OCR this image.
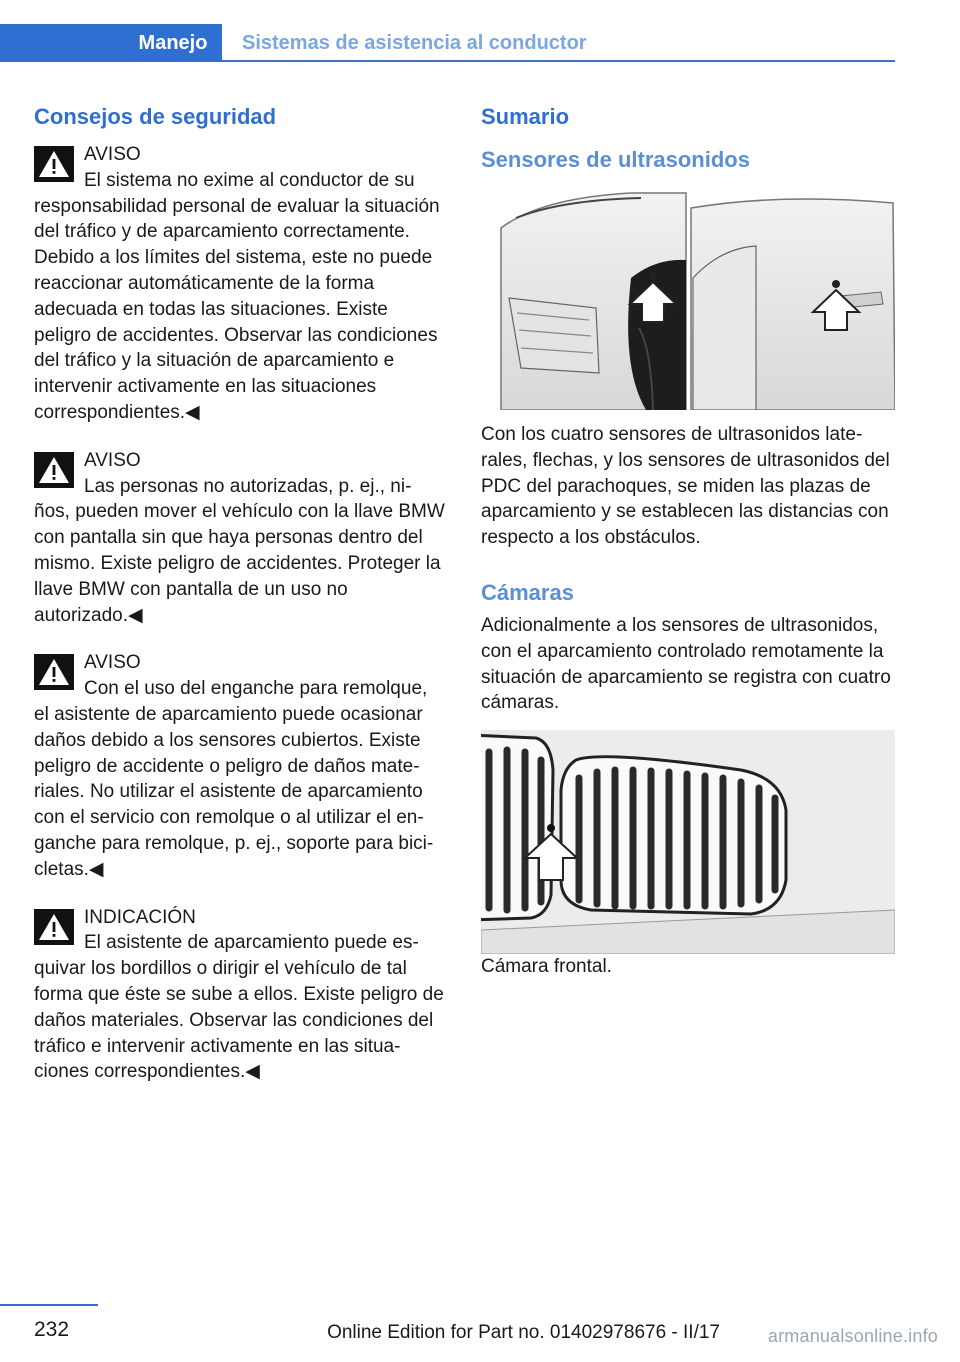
Manejo	Sistemas de asistencia al conductor
Consejos de seguridad
AVISO
El sistema no exime al conductor de su
responsabilidad personal de evaluar la situación del tráfico y de aparcamiento correctamente. Debido a los límites del sistema, este no puede reaccionar automáticamente de la forma adecuada en todas las situaciones. Existe peligro de accidentes. Observar las condiciones del tráfico y la situación de aparcamiento e intervenir activamente en las situaciones correspondientes.◀
AVISO
Las personas no autorizadas, p. ej., ni-
ños, pueden mover el vehículo con la llave BMW con pantalla sin que haya personas dentro del mismo. Existe peligro de accidentes. Proteger la llave BMW con pantalla de un uso no autorizado.◀
AVISO
Con el uso del enganche para remolque,
el asistente de aparcamiento puede ocasionar daños debido a los sensores cubiertos. Existe peligro de accidente o peligro de daños materiales. No utilizar el asistente de aparcamiento con el servicio con remolque o al utilizar el enganche para remolque, p. ej., soporte para bicicletas.◀
INDICACIÓN
El asistente de aparcamiento puede es-
quivar los bordillos o dirigir el vehículo de tal forma que éste se sube a ellos. Existe peligro de daños materiales. Observar las condiciones del tráfico e intervenir activamente en las situaciones correspondientes.◀
Sumario
Sensores de ultrasonidos

Con los cuatro sensores de ultrasonidos laterales, flechas, y los sensores de ultrasonidos del PDC del parachoques, se miden las plazas de aparcamiento y se establecen las distancias con respecto a los obstáculos.

Cámaras

Adicionalmente a los sensores de ultrasonidos, con el aparcamiento controlado remotamente la situación de aparcamiento se registra con cuatro cámaras.

Cámara frontal.

232	Online Edition for Part no. 01402978676 - II/17	armanualsonline.info
